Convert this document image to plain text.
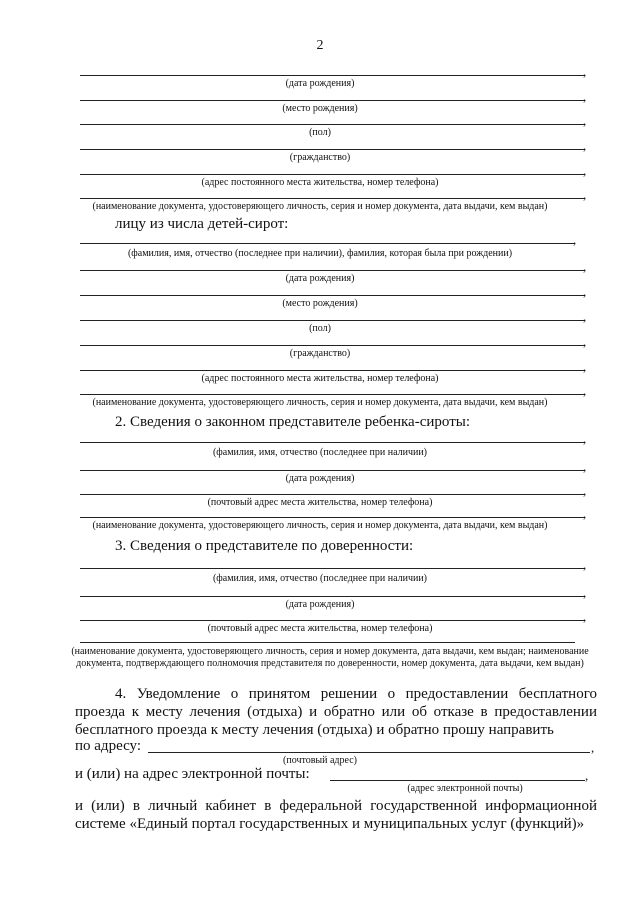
2
,
(дата рождения)
,
(место рождения)
,
(пол)
,
(гражданство)
,
(адрес постоянного места жительства, номер телефона)
,
(наименование документа, удостоверяющего личность, серия и номер документа, дата выдачи, кем выдан)
лицу из числа детей-сирот:
,
(фамилия, имя, отчество (последнее при наличии), фамилия, которая была при рождении)
,
(дата рождения)
,
(место рождения)
,
(пол)
,
(гражданство)
,
(адрес постоянного места жительства, номер телефона)
,
(наименование документа, удостоверяющего личность, серия и номер документа, дата выдачи, кем выдан)
2. Сведения о законном представителе ребенка-сироты:
,
(фамилия, имя, отчество (последнее при наличии)
,
(дата рождения)
,
(почтовый адрес места жительства, номер телефона)
,
(наименование документа, удостоверяющего личность, серия и номер документа, дата выдачи, кем выдан)
3. Сведения о представителе по доверенности:
,
(фамилия, имя, отчество (последнее при наличии)
,
(дата рождения)
,
(почтовый адрес места жительства, номер телефона)
(наименование документа, удостоверяющего личность, серия и номер документа, дата выдачи, кем выдан; наименование документа, подтверждающего полномочия представителя по доверенности, номер документа, дата выдачи, кем выдан)
4. Уведомление о принятом решении о предоставлении бесплатного проезда к месту лечения (отдыха) и обратно или об отказе в предоставлении бесплатного проезда к месту лечения (отдыха) и обратно прошу направить
по адресу:	,
(почтовый адрес)
и (или) на адрес электронной почты:	,
(адрес электронной почты)
и (или) в личный кабинет в федеральной государственной информационной системе «Единый портал государственных и муниципальных услуг (функций)»
